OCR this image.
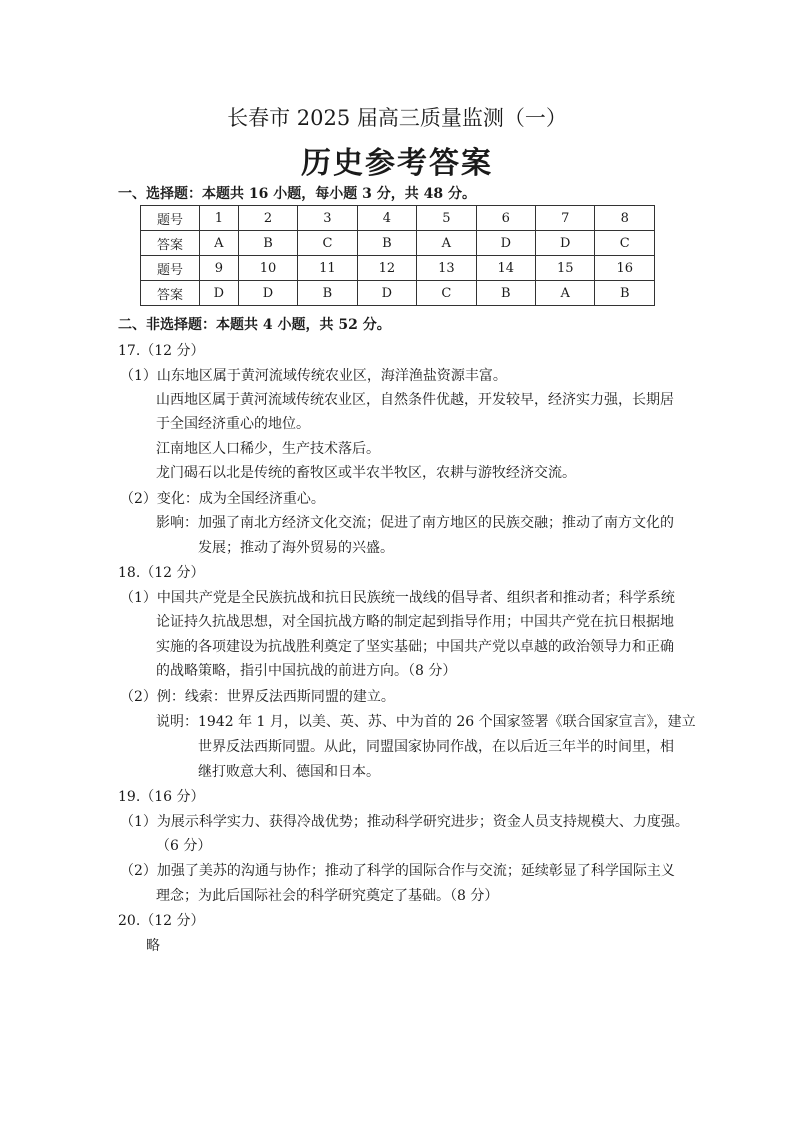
长春市 2025 届高三质量监测（一）
历史参考答案
一、选择题：本题共 16 小题，每小题 3 分，共 48 分。
题号	1	2	3	4	5	6	7	8
答案	A	B	C	B	A	D	D	C
题号	9	10	11	12	13	14	15	16
答案	D	D	B	D	C	B	A	B
二、非选择题：本题共 4 小题，共 52 分。
17.（12 分）
（1）山东地区属于黄河流域传统农业区，海洋渔盐资源丰富。
山西地区属于黄河流域传统农业区，自然条件优越，开发较早，经济实力强，长期居
于全国经济重心的地位。
江南地区人口稀少，生产技术落后。
龙门碣石以北是传统的畜牧区或半农半牧区，农耕与游牧经济交流。
（2）变化：成为全国经济重心。
影响：加强了南北方经济文化交流；促进了南方地区的民族交融；推动了南方文化的
发展；推动了海外贸易的兴盛。
18.（12 分）
（1）中国共产党是全民族抗战和抗日民族统一战线的倡导者、组织者和推动者；科学系统
论证持久抗战思想，对全国抗战方略的制定起到指导作用；中国共产党在抗日根据地
实施的各项建设为抗战胜利奠定了坚实基础；中国共产党以卓越的政治领导力和正确
的战略策略，指引中国抗战的前进方向。（8 分）
（2）例：线索：世界反法西斯同盟的建立。
说明：1942 年 1 月，以美、英、苏、中为首的 26 个国家签署《联合国家宣言》，建立
世界反法西斯同盟。从此，同盟国家协同作战，在以后近三年半的时间里，相
继打败意大利、德国和日本。
19.（16 分）
（1）为展示科学实力、获得冷战优势；推动科学研究进步；资金人员支持规模大、力度强。
（6 分）
（2）加强了美苏的沟通与协作；推动了科学的国际合作与交流；延续彰显了科学国际主义
理念；为此后国际社会的科学研究奠定了基础。（8 分）
20.（12 分）
略
